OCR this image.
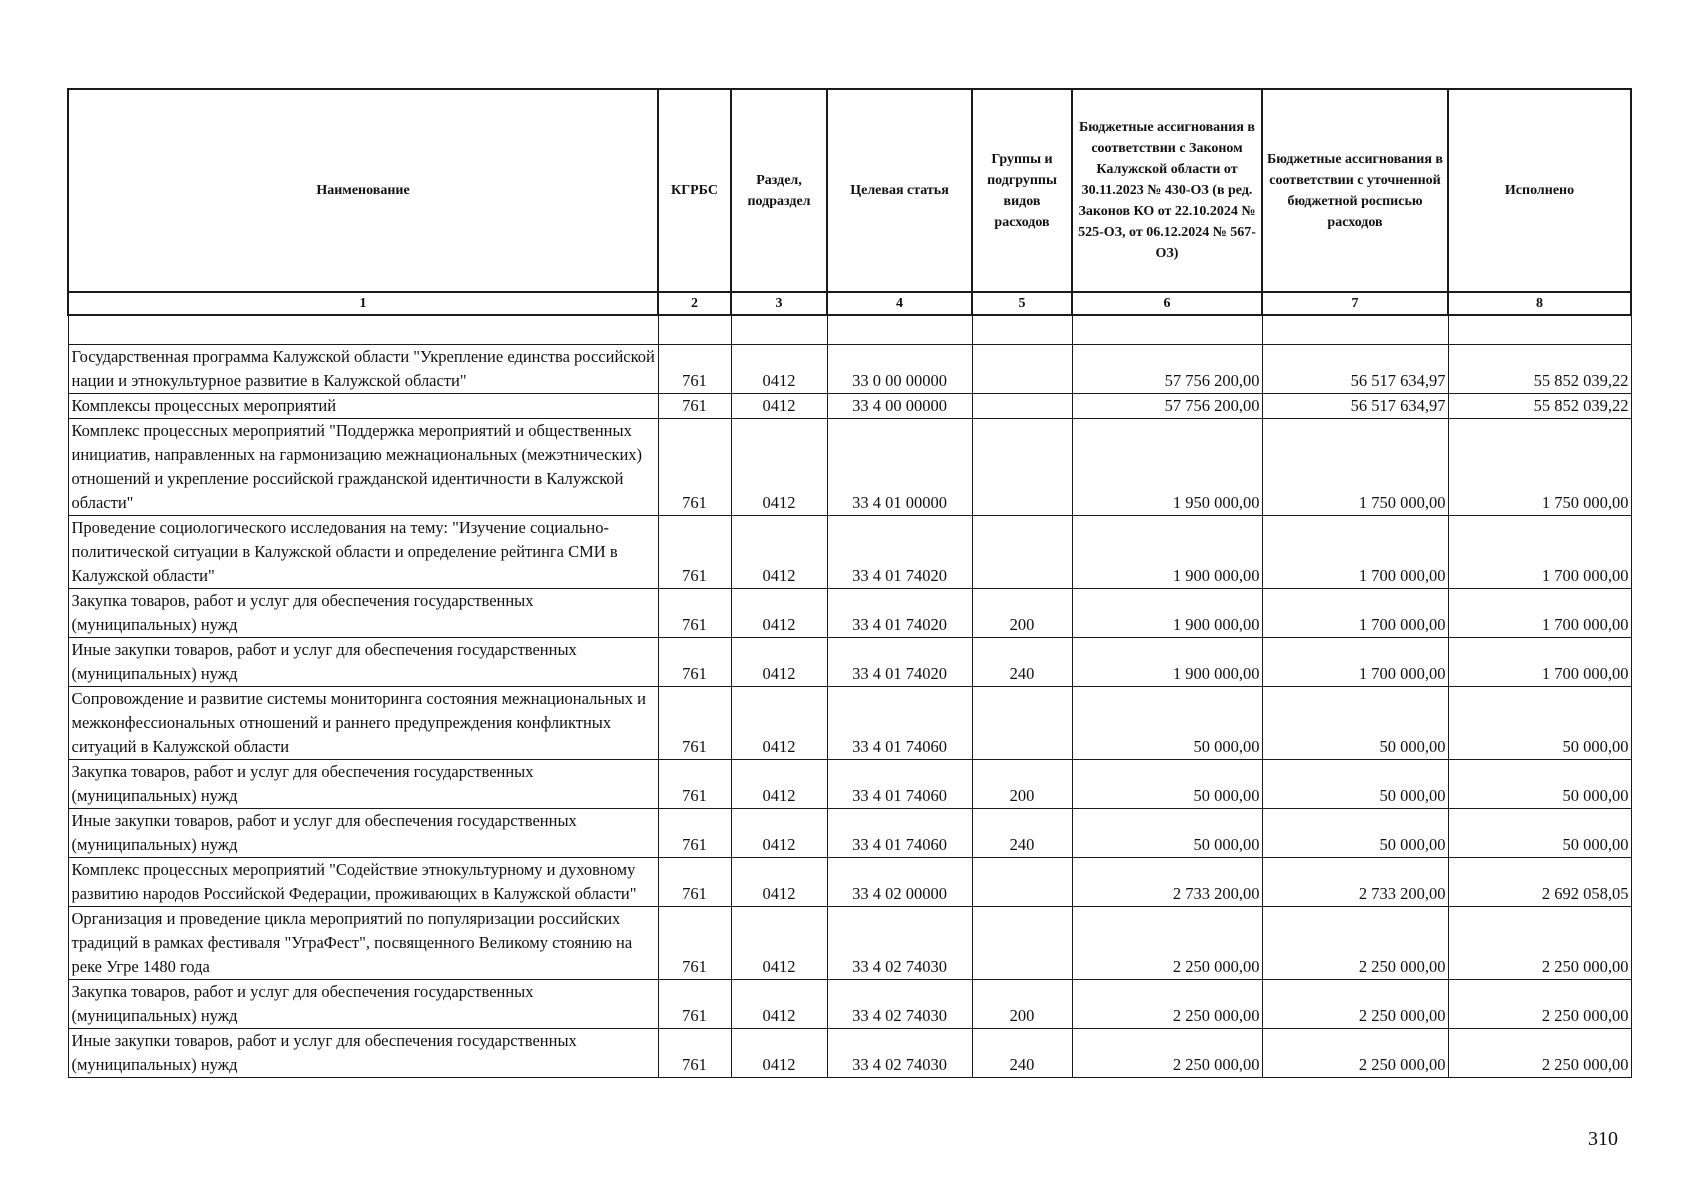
Наименование	КГРБС	Раздел, подраздел	Целевая статья	Группы и подгруппы видов расходов	Бюджетные ассигнования в соответствии с Законом Калужской области от 30.11.2023 № 430-ОЗ (в ред. Законов КО от 22.10.2024 № 525-ОЗ, от 06.12.2024 № 567-ОЗ)	Бюджетные ассигнования в соответствии с уточненной бюджетной росписью расходов	Исполнено
1	2	3	4	5	6	7	8

Государственная программа Калужской области "Укрепление единства российской нации и этнокультурное развитие в Калужской области"	761	0412	33 0 00 00000		57 756 200,00	56 517 634,97	55 852 039,22
Комплексы процессных мероприятий	761	0412	33 4 00 00000		57 756 200,00	56 517 634,97	55 852 039,22
Комплекс процессных мероприятий "Поддержка мероприятий и общественных инициатив, направленных на гармонизацию межнациональных (межэтнических) отношений и укрепление российской гражданской идентичности в Калужской области"	761	0412	33 4 01 00000		1 950 000,00	1 750 000,00	1 750 000,00
Проведение социологического исследования на тему: "Изучение социально-политической ситуации в Калужской области и определение рейтинга СМИ в Калужской области"	761	0412	33 4 01 74020		1 900 000,00	1 700 000,00	1 700 000,00
Закупка товаров, работ и услуг для обеспечения государственных (муниципальных) нужд	761	0412	33 4 01 74020	200	1 900 000,00	1 700 000,00	1 700 000,00
Иные закупки товаров, работ и услуг для обеспечения государственных (муниципальных) нужд	761	0412	33 4 01 74020	240	1 900 000,00	1 700 000,00	1 700 000,00
Сопровождение и развитие системы мониторинга состояния межнациональных и межконфессиональных отношений и раннего предупреждения конфликтных ситуаций в Калужской области	761	0412	33 4 01 74060		50 000,00	50 000,00	50 000,00
Закупка товаров, работ и услуг для обеспечения государственных (муниципальных) нужд	761	0412	33 4 01 74060	200	50 000,00	50 000,00	50 000,00
Иные закупки товаров, работ и услуг для обеспечения государственных (муниципальных) нужд	761	0412	33 4 01 74060	240	50 000,00	50 000,00	50 000,00
Комплекс процессных мероприятий "Содействие этнокультурному и духовному развитию народов Российской Федерации, проживающих в Калужской области"	761	0412	33 4 02 00000		2 733 200,00	2 733 200,00	2 692 058,05
Организация и проведение цикла мероприятий по популяризации российских традиций в рамках фестиваля "УграФест", посвященного Великому стоянию на реке Угре 1480 года	761	0412	33 4 02 74030		2 250 000,00	2 250 000,00	2 250 000,00
Закупка товаров, работ и услуг для обеспечения государственных (муниципальных) нужд	761	0412	33 4 02 74030	200	2 250 000,00	2 250 000,00	2 250 000,00
Иные закупки товаров, работ и услуг для обеспечения государственных (муниципальных) нужд	761	0412	33 4 02 74030	240	2 250 000,00	2 250 000,00	2 250 000,00
310
